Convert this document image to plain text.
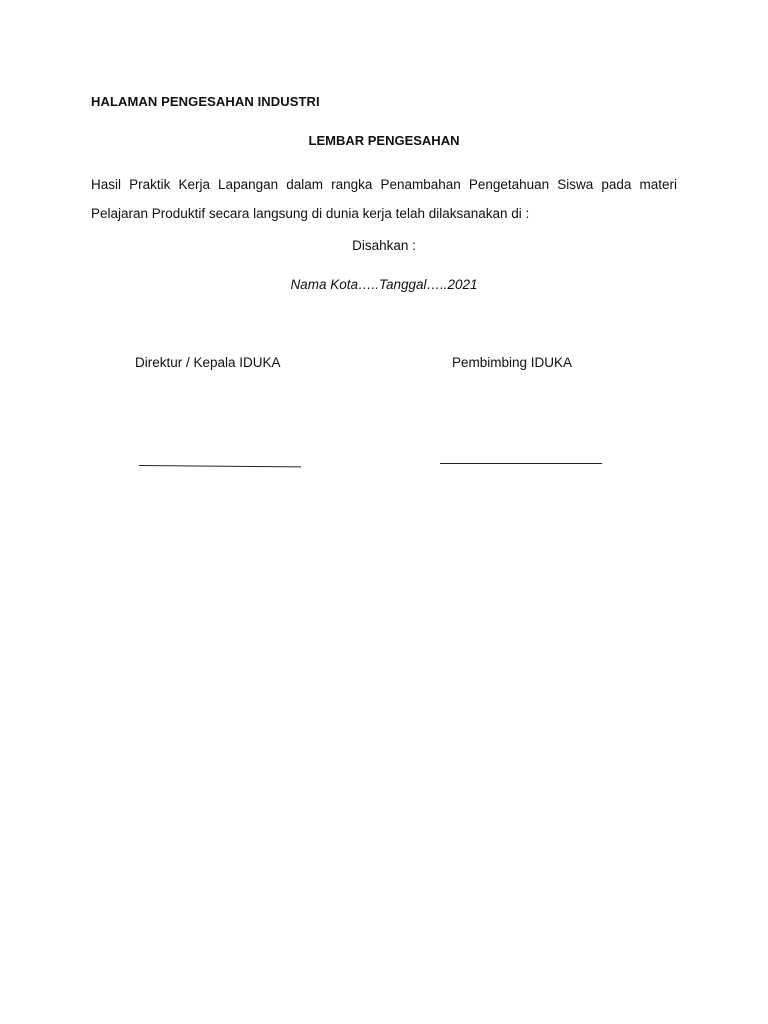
HALAMAN PENGESAHAN INDUSTRI
LEMBAR PENGESAHAN
Hasil Praktik Kerja Lapangan dalam rangka Penambahan Pengetahuan Siswa pada materi
Pelajaran Produktif secara langsung di dunia kerja telah dilaksanakan di :
Disahkan :
Nama Kota…..Tanggal…..2021
Direktur / Kepala IDUKA	Pembimbing IDUKA
